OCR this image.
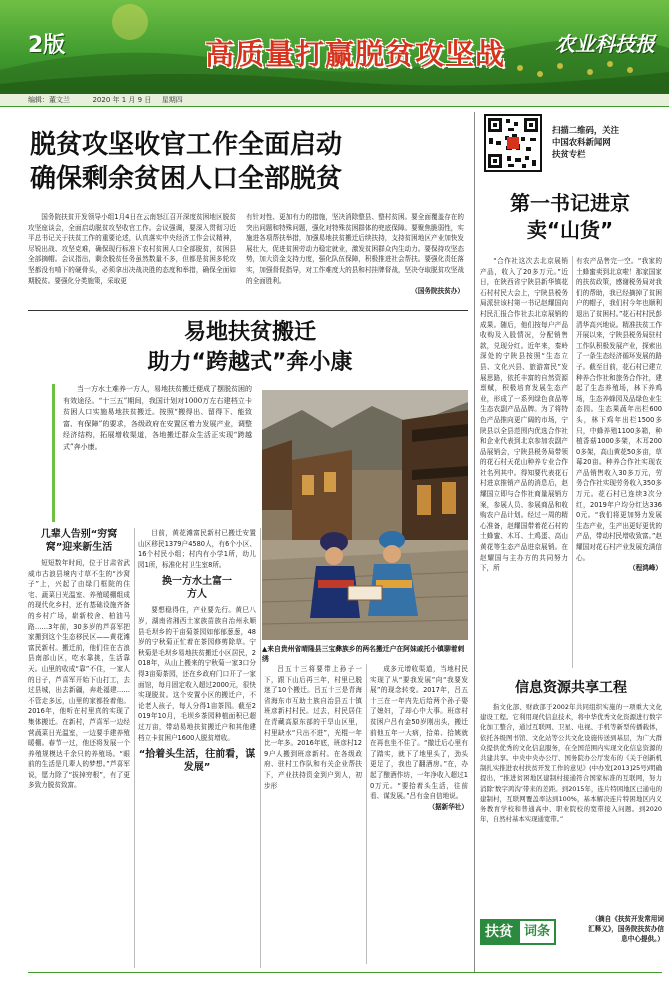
2版	高质量打赢脱贫攻坚战 农业科技报
编辑：董文兰	2020 年 1 月 9 日 星期四
脱贫攻坚收官工作全面启动
确保剩余贫困人口全部脱贫

国务院扶贫开发领导小组1月4日在云南怒江召开深度贫困地区脱贫攻坚座谈会，全面启动脱贫攻坚收官工作。会议强调，要深入贯彻习近平总书记关于扶贫工作的重要论述，认真落实中央经济工作会议精神，尽锐出战、攻坚克难，确保现行标准下农村贫困人口全部脱贫，贫困县全部摘帽。会议指出，剩余脱贫任务虽然数量不多，但都是贫困多轮攻坚都没有啃下的硬骨头，必须拿出决战决胜的态度和举措，确保全面如期脱贫。要强化分类施策，采取更

有针对性、更加有力的措施，坚决消除整县、整村贫困。要全面覆盖存在的突出问题和特殊问题，强化对特殊贫困群体的兜底保障。要聚焦脆弱性，实施进各项帮扶举措，加强易地扶贫搬迁后续扶持，支持贫困地区产业加快发展壮大，促进贫困劳动力稳定就业，激发贫困群众内生动力。要保持攻坚态势，加大资金支持力度，强化队伍保障，积极推进社会帮扶。要强化责任落实，加强督促指导，对工作难度大的县和村挂牌督战，坚决夺取脱贫攻坚战的全面胜利。

（国务院扶贫办）
扫描二维码，关注
中国农科新闻网
扶贫专栏
第一书记进京
卖“山货”

“合作社这次去北京展销产品，收入了20多万元。”近日，在陕西省宁陕县新华镇花石村村民大会上，宁陕县税务局派驻该村第一书记赵耀国向村民汇报合作社去北京展销的成果。随后，他们按每户产品收购及入股情况，分配销售款，兑现分红。近年来，秦岭深处的宁陕县按照“生态立县、文化兴县、旅游富民”发展思路，依托丰富的自然资源禀赋，积极培育发展生态产业，形成了一系列绿色食品等生态农副产品品牌。为了将特色产品推向更广阔的市场，宁陕县以全县范围内优选合作社和企业代表到北京参加农副产品展销会，宁陕县税务局带领的花石村天花山种养专业合作社名列其中。得知要代表花石村进京推销产品的消息后，赵耀国立即与合作社商量展销方案，参展人员、参展商品和收购农户品计划。经过一周的精心准备，赵耀国带着花石村的土蜂蜜、木耳、土鸡蛋、高山黄花等生态产品进京展销。在赵耀国与主办方的共同努力下，所

有农产品售完一空。“我家的土蜂蜜卖到北京啦！那家国家的扶贫政策，感谢税务局对我们的帮助，我已经摘掉了贫困户的帽子，我们村今年也顺利退出了贫困村。”花石村村民彭清华高兴地说。精准扶贫工作开展以来，宁陕县税务局驻村工作队积极发展产业，探索出了一条生态经济循环发展的路子。截至目前，花石村已建立种养合作社和旅务合作社，建起了生态养殖场，林下养鸡场，生态养蜂园及品绿色业生态园。生态果蔬年出栏600头，林下鸡年出栏1500多只，中蜂养殖1100多箱，种植香菇1000多架，木耳2000多架，高山黄花50多亩，草莓20亩。种养合作社实现农产品销售收入30多万元，劳务合作社实现劳务收入350多万元。花石村已连续3次分红，2019年户均分红达3360元。“我们将更加努力发展生态产业，生产出更好更优的产品，带动村民增收致富。”赵耀国对花石村产业发展充满信心。

（程鸿峰）
信息资源共享工程

指文化部、财政部于2002年共同组织实施的一项重大文化建设工程。它利用现代信息技术，将中华优秀文化资源进行数字化加工整合，通过互联网、卫星、电视、手机等新型传播载体，依托各级图书馆、文化站等公共文化设施传送到基层，为广大群众提供优秀的文化信息服务，在全国范围内实现文化信息资源的共建共享。中央中央办公厅、国务院办公厅发布的《关于创新机制扎实推进农村扶贫开发工作的意见》(中办发[2013]25号)明确提出，“推进贫困地区建制村接通符合国家标准的互联网，努力消除‘数字鸿沟’带来的差距。到2015年，连片特困地区已通电的建制村，互联网覆盖率达到100%，基本解决连片特困地区内义务教育学校和普通高中、职业院校的宽带接入问题。到2020年，自然村基本实现通宽带。”

扶贫 词条
（摘自《扶贫开发常用词汇释义》，国务院扶贫办信息中心提供。）
易地扶贫搬迁
助力“跨越式”奔小康

当一方水土难养一方人，易地扶贫搬迁便成了摆脱贫困的有效途径。“十三五”期间，我国计划对1000万左右建档立卡贫困人口实施易地扶贫搬迁。按照“搬得出、留得下、能致富、有保障”的要求，各级政府在安置区着力发展产业，调整经济结构，拓展增收渠道，各地搬迁群众生活正实现“跨越式”奔小康。

▲来自贵州省晴隆县三宝彝族乡的两名搬迁户在阿妹戚托小镇聊着刺绣
几辈人告别“穷窝窝”迎来新生活

短短数年时间，位于甘肃省武威市古浪县境内寸草不生的“沙窝子”上，兴起了由绿门框院的住宅、蔬菜日光温室、养殖暖棚组成的现代化乡村，还有基础设施齐备的乡村广场，崭新校舍、柏油马路……3年前，30多岁的芦喜军把家搬到这个生态移民区——黄花滩富民新村。搬迁前，他们住在古浪县南部山区，吃水靠挑，生活靠天。山里的收成“靠”不住，一家人的日子，芦喜军开始下山打工，去过县城，出去新疆，奔赴福建……不管走多远，山里的家都拴着他。2016年，他听在村里真的实现了集体搬迁。在新村，芦喜军一边经营蔬菜日光温室，一边要手建养殖暖棚。春节一过，他还将发展一个养殖规模达千余只的养殖场。“眼前的生活是几辈人的梦想。”芦喜军说，愿力除了“拔掉穷根”，有了更多致力脱贫致富。

目前，黄花滩富民新村已搬迁安置山区移民1379户4580人，有6个小区、16个村民小组；村内有小学1所，幼儿园1所，标准化村卫生室8所。

换一方水土富一方人

要想稳得住，产业要先行。黄巳八岁，湖南省湘西土家族苗族自治州永顺县毛坝乡的干亩菊茶园如郁郁葱葱，48岁的宁秋菊正忙着在茶园修剪除草。宁秋菊是毛坝乡易地扶贫搬迁小区居民，2018年，从山上搬来的宁秋菊一家3口分得3亩菊茶园，还在乡政府门口开了一家面馆，每月固定收入超过2000元，很快实现脱贫。这个安置小区的搬迁户，不论老人孩子，每人分得1亩茶园。截至2019年10月，毛坝乡茶园种植面积已超过万亩，带动易地扶贫搬迁户和其他建档立卡贫困户1600人脱贫增收。

“拾着头生活，往前看，谋发展”

吕五十三将要带上孙子一下，跟下山后再三年，村里已脱迷了10个搬迁。吕五十三是青海省海东市互助土族自治县五十镇班彦新村村民。过去，村民居住在青藏高原东部的干旱山区里，村里缺水“只出不进”，光棍一年比一年多。2016年底，班彦村129户人搬到班彦新村。在各级政府、驻村工作队和有关企业帮扶下，产业扶持资金到户到人，初步形

成多元增收渠道，当地村民实现了从“要我发展”向“我要发展”的现念转变。2017年，吕五十三在一年内先后给两个孙子娶了媳妇，了却心中大事。班彦村贫困户吕有金50岁刚出头，搬迁前他五年一大病，拾弟、拾姨就在再也坐不住了。“撤迁后心里有了踏实，就下了地里头了，劲头更足了，我也了翻酒房。”在，办起了酿酒作坊，一年净收入超过10万元。“要拾着头生活，往前看、谋发展。”吕有金自信地说。

（据新华社）
